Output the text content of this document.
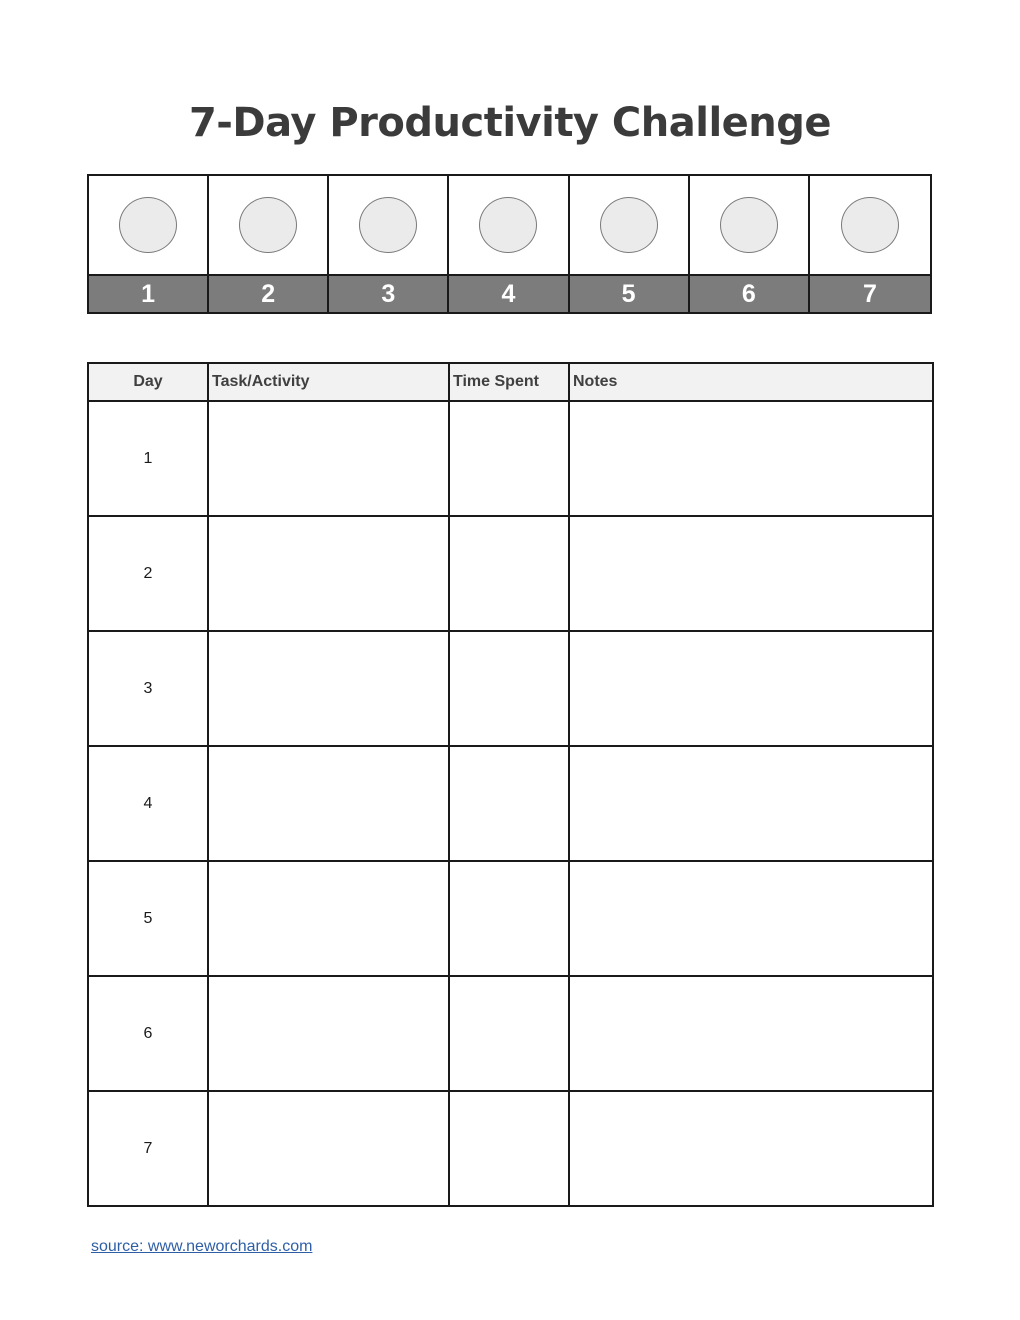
7-Day Productivity Challenge
1	2	3	4	5	6	7
Day	Task/Activity	Time Spent	Notes
1			
2			
3			
4			
5			
6			
7			
source: www.neworchards.com
